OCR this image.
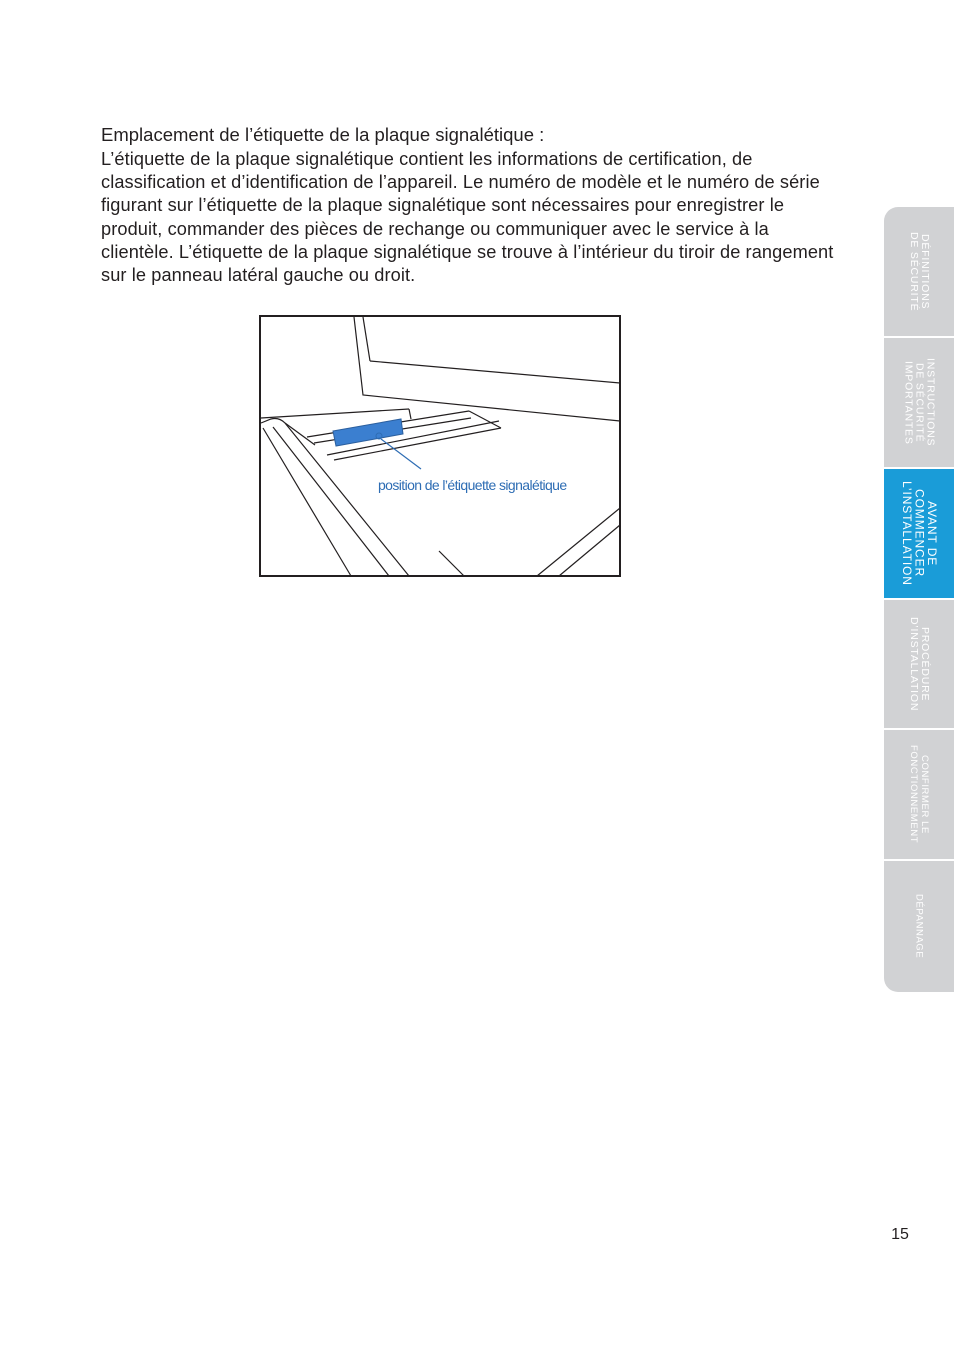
Emplacement de l’étiquette de la plaque signalétique :

L’étiquette de la plaque signalétique contient les informations de certification, de classification et d’identification de l’appareil. Le numéro de modèle et le numéro de série figurant sur l’étiquette de la plaque signalétique sont nécessaires pour enregistrer le produit, commander des pièces de rechange ou communiquer avec le service à la clientèle. L’étiquette de la plaque signalétique se trouve à l’intérieur du tiroir de rangement sur le panneau latéral gauche ou droit.

position de l’étiquette signalétique
DÉFINITIONS
DE SÉCURITÉ
INSTRUCTIONS
DE SÉCURITÉ
IMPORTANTES
AVANT DE
COMMENCER
L’INSTALLATION
PROCÉDURE
D’INSTALLATION
CONFIRMER LE
FONCTIONNEMENT
DÉPANNAGE
15
